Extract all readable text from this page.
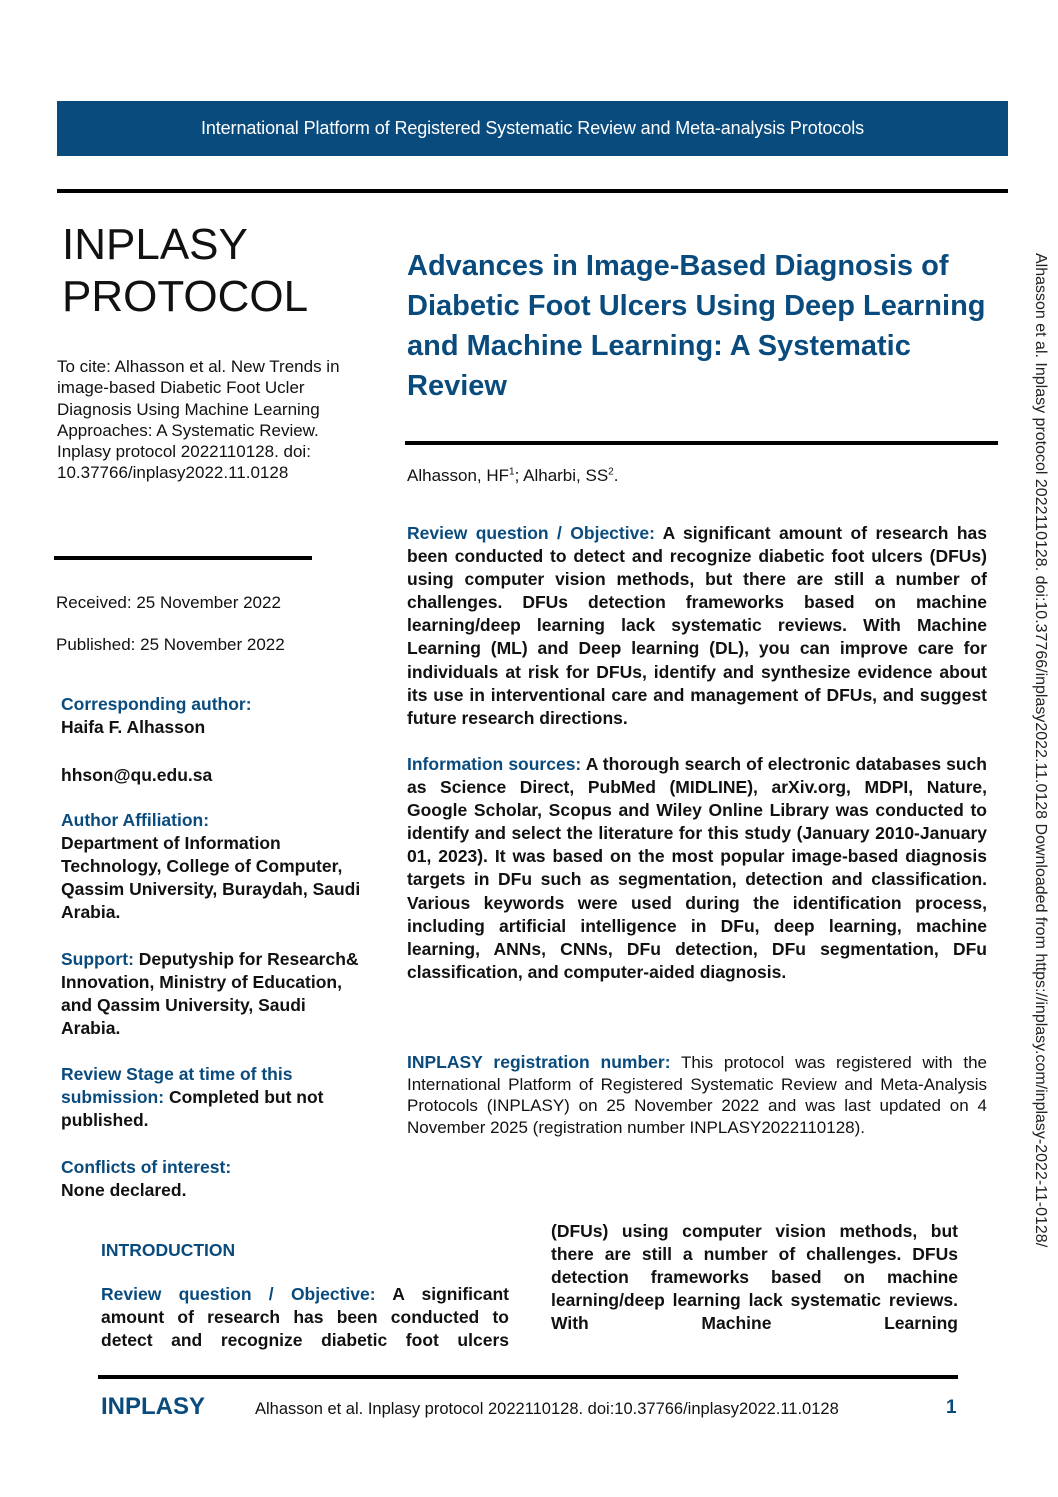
International Platform of Registered Systematic Review and Meta-analysis Protocols
INPLASY
PROTOCOL
To cite: Alhasson et al. New Trends in image-based Diabetic Foot Ucler Diagnosis Using Machine Learning Approaches: A Systematic Review. Inplasy protocol 2022110128. doi: 10.37766/inplasy2022.11.0128
Received: 25 November 2022
Published: 25 November 2022
Corresponding author:
Haifa F. Alhasson
hhson@qu.edu.sa
Author Affiliation:
Department of Information Technology, College of Computer, Qassim University, Buraydah, Saudi Arabia.
Support: Deputyship for Research& Innovation, Ministry of Education, and Qassim University, Saudi Arabia.
Review Stage at time of this submission: Completed but not published.
Conflicts of interest:
None declared.
Advances in Image-Based Diagnosis of Diabetic Foot Ulcers Using Deep Learning and Machine Learning: A Systematic Review
Alhasson, $HF^1$; Alharbi, $SS^2$.
Review question / Objective: A significant amount of research has been conducted to detect and recognize diabetic foot ulcers (DFUs) using computer vision methods, but there are still a number of challenges. DFUs detection frameworks based on machine learning/deep learning lack systematic reviews. With Machine Learning (ML) and Deep learning (DL), you can improve care for individuals at risk for DFUs, identify and synthesize evidence about its use in interventional care and management of DFUs, and suggest future research directions.
Information sources: A thorough search of electronic databases such as Science Direct, PubMed (MIDLINE), arXiv.org, MDPI, Nature, Google Scholar, Scopus and Wiley Online Library was conducted to identify and select the literature for this study (January 2010-January 01, 2023). It was based on the most popular image-based diagnosis targets in DFu such as segmentation, detection and classification. Various keywords were used during the identification process, including artificial intelligence in DFu, deep learning, machine learning, ANNs, CNNs, DFu detection, DFu segmentation, DFu classification, and computer-aided diagnosis.
INPLASY registration number: This protocol was registered with the International Platform of Registered Systematic Review and Meta-Analysis Protocols (INPLASY) on 25 November 2022 and was last updated on 4 November 2025 (registration number INPLASY2022110128).
INTRODUCTION
Review question / Objective: A significant amount of research has been conducted to detect and recognize diabetic foot ulcers
(DFUs) using computer vision methods, but there are still a number of challenges. DFUs detection frameworks based on machine learning/deep learning lack systematic reviews. With Machine Learning
INPLASY	Alhasson et al. Inplasy protocol 2022110128. doi:10.37766/inplasy2022.11.0128	1
Alhasson et al. Inplasy protocol 2022110128. doi:10.37766/inplasy2022.11.0128 Downloaded from https://inplasy.com/inplasy-2022-11-0128/
